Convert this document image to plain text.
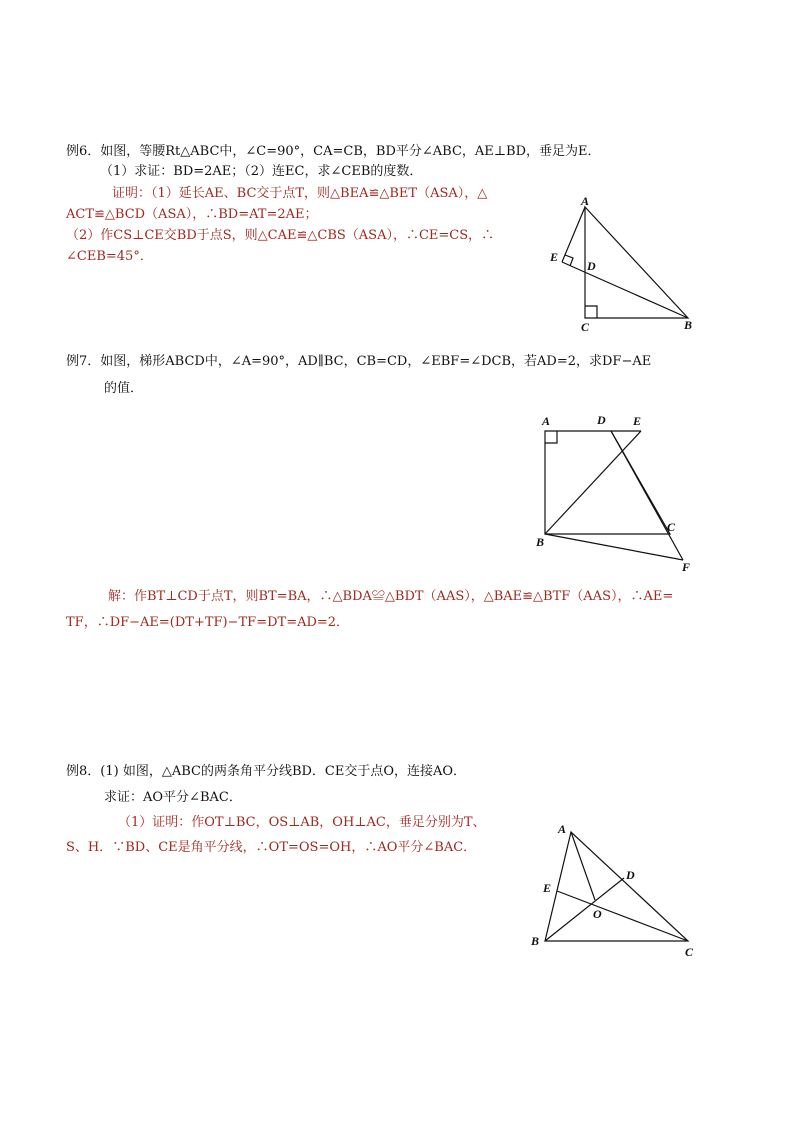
例6．如图，等腰Rt△ABC中，∠C=90°，CA=CB，BD平分∠ABC，AE⊥BD，垂足为E．
（1）求证：BD=2AE；（2）连EC，求∠CEB的度数．
证明：（1）延长AE、BC交于点T，则△BEA≌△BET（ASA），△
ACT≌△BCD（ASA），∴BD=AT=2AE；
（2）作CS⊥CE交BD于点S，则△CAE≌△CBS（ASA），∴CE=CS，∴
∠CEB=45°．
A
E
D
C	B
例7．如图，梯形ABCD中，∠A=90°，AD∥BC，CB=CD，∠EBF=∠DCB，若AD=2，求DF−AE
的值．
A	D E
C
B
F
解：作BT⊥CD于点T，则BT=BA，∴△BDA≌△BDT（AAS），△BAE≌△BTF（AAS），∴AE=
TF，∴DF−AE=(DT+TF)−TF=DT=AD=2．
例8．(1) 如图，△ABC的两条角平分线BD．CE交于点O，连接AO．
求证：AO平分∠BAC．
（1）证明：作OT⊥BC，OS⊥AB，OH⊥AC，垂足分别为T、
S、H．∵BD、CE是角平分线，∴OT=OS=OH，∴AO平分∠BAC．
A
E
D
O
B
C
